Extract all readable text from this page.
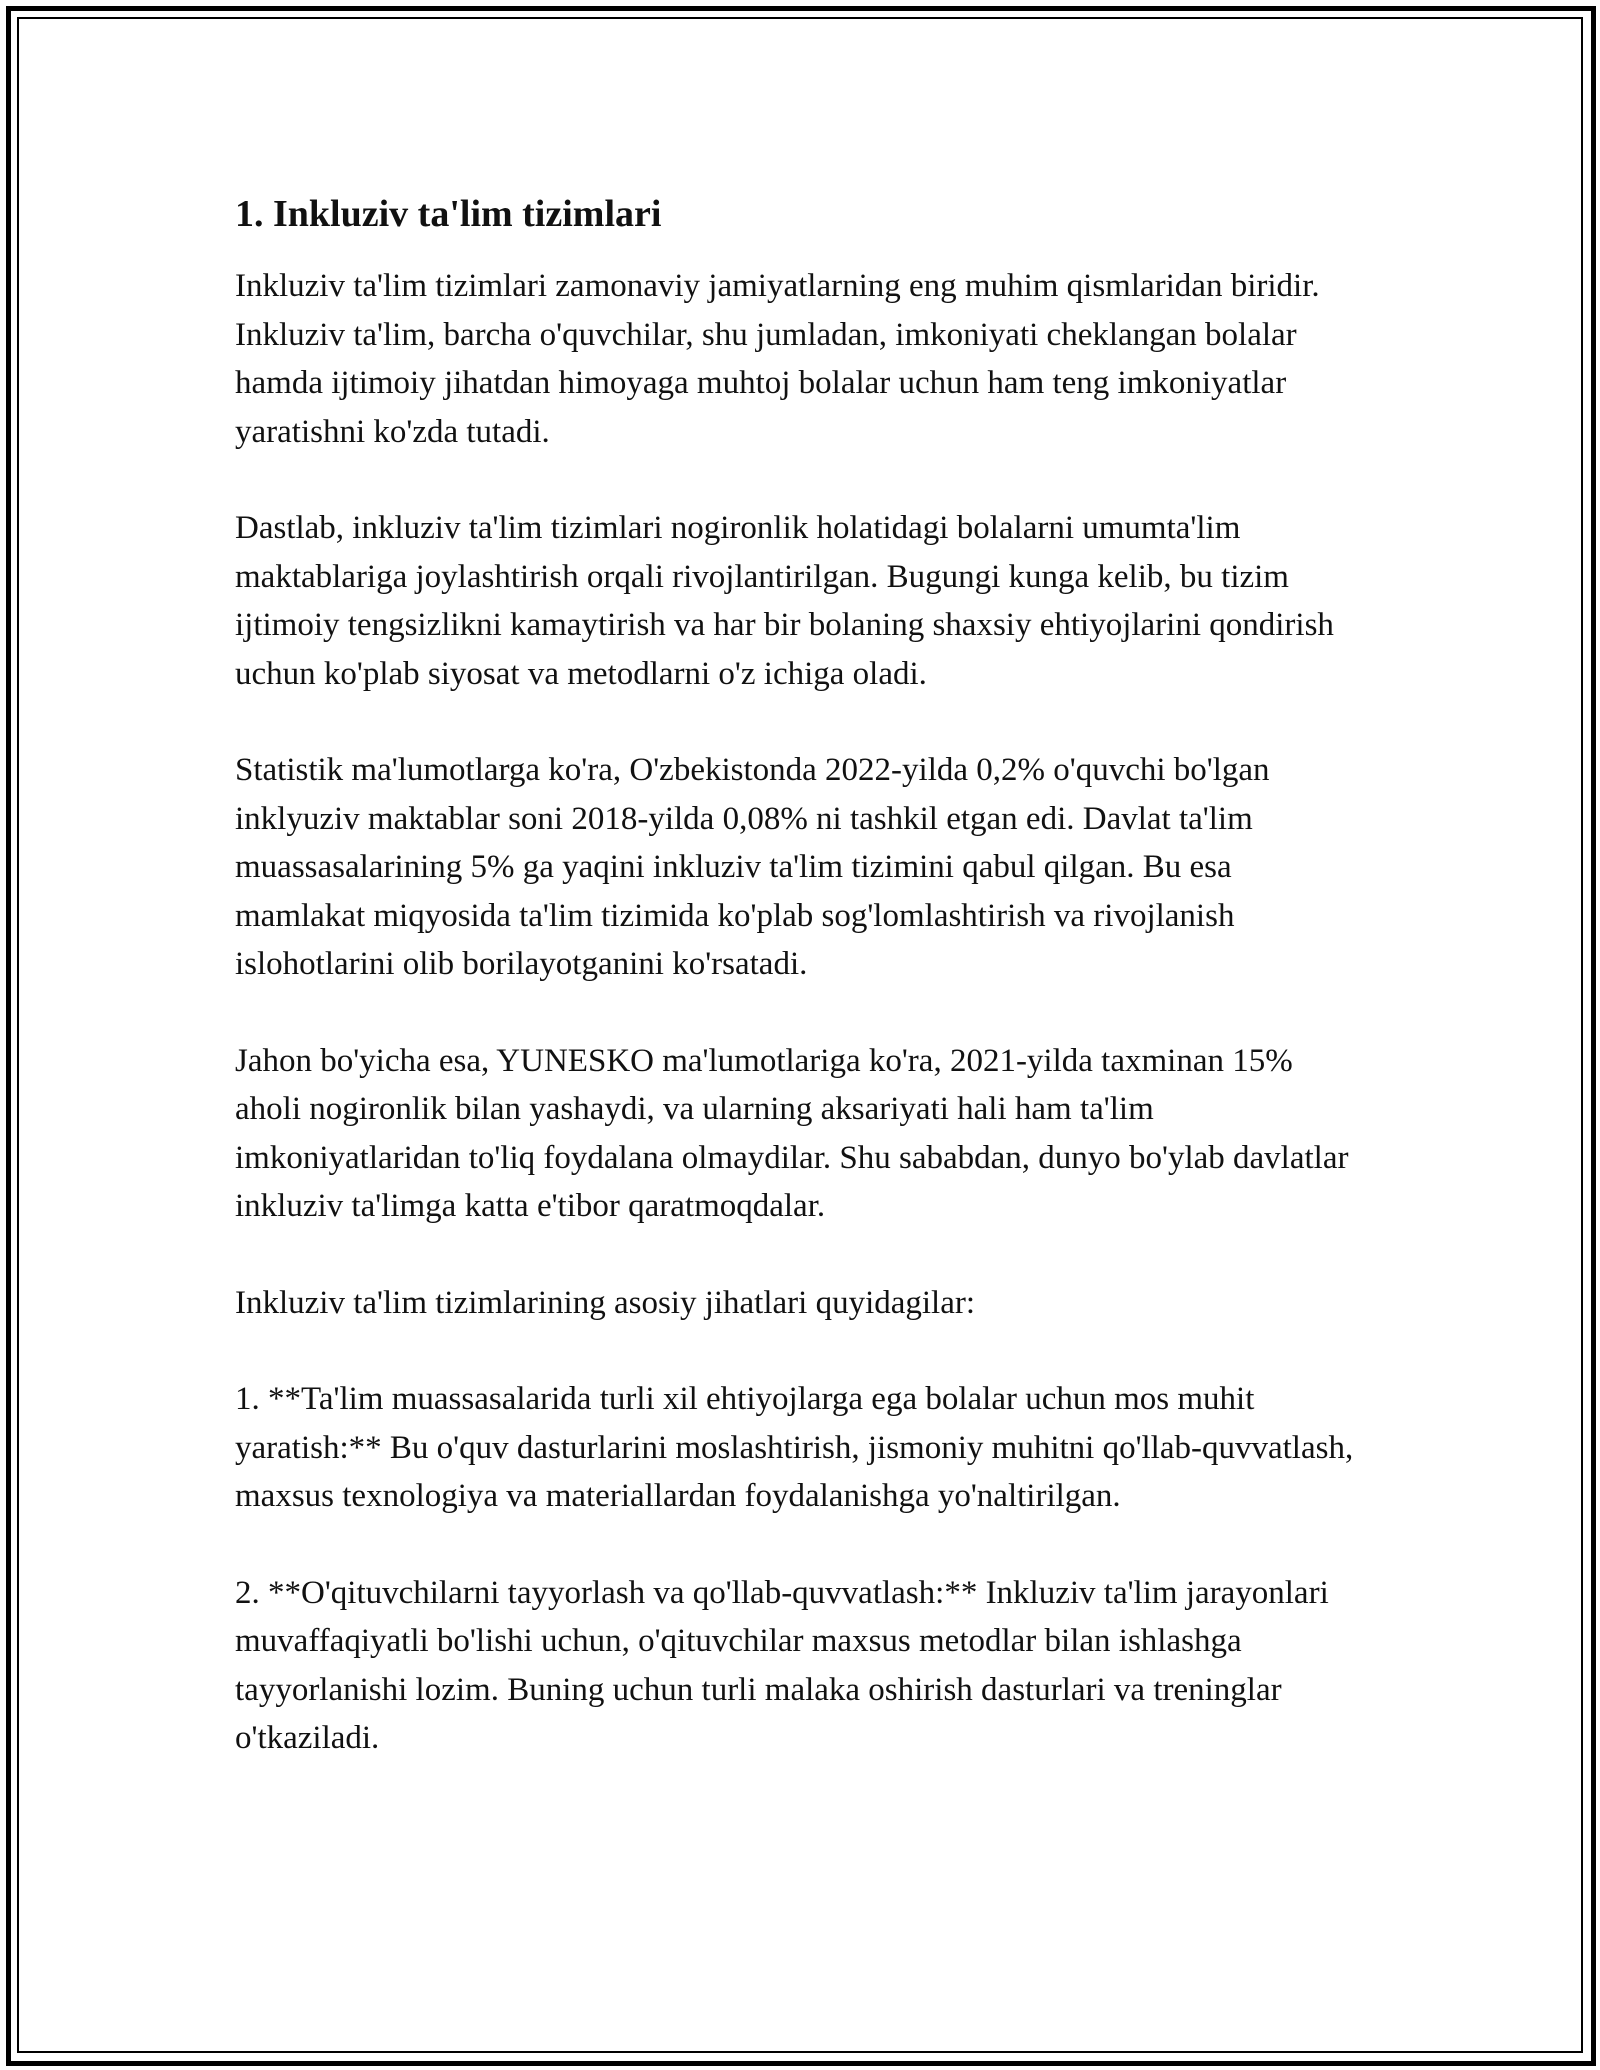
1. Inkluziv ta'lim tizimlari

Inkluziv ta'lim tizimlari zamonaviy jamiyatlarning eng muhim qismlaridan biridir. Inkluziv ta'lim, barcha o'quvchilar, shu jumladan, imkoniyati cheklangan bolalar hamda ijtimoiy jihatdan himoyaga muhtoj bolalar uchun ham teng imkoniyatlar yaratishni ko'zda tutadi.

Dastlab, inkluziv ta'lim tizimlari nogironlik holatidagi bolalarni umumta'lim maktablariga joylashtirish orqali rivojlantirilgan. Bugungi kunga kelib, bu tizim ijtimoiy tengsizlikni kamaytirish va har bir bolaning shaxsiy ehtiyojlarini qondirish uchun ko'plab siyosat va metodlarni o'z ichiga oladi.

Statistik ma'lumotlarga ko'ra, O'zbekistonda 2022-yilda 0,2% o'quvchi bo'lgan inklyuziv maktablar soni 2018-yilda 0,08% ni tashkil etgan edi. Davlat ta'lim muassasalarining 5% ga yaqini inkluziv ta'lim tizimini qabul qilgan. Bu esa mamlakat miqyosida ta'lim tizimida ko'plab sog'lomlashtirish va rivojlanish islohotlarini olib borilayotganini ko'rsatadi.

Jahon bo'yicha esa, YUNESKO ma'lumotlariga ko'ra, 2021-yilda taxminan 15% aholi nogironlik bilan yashaydi, va ularning aksariyati hali ham ta'lim imkoniyatlaridan to'liq foydalana olmaydilar. Shu sababdan, dunyo bo'ylab davlatlar inkluziv ta'limga katta e'tibor qaratmoqdalar.

Inkluziv ta'lim tizimlarining asosiy jihatlari quyidagilar:

1. **Ta'lim muassasalarida turli xil ehtiyojlarga ega bolalar uchun mos muhit yaratish:** Bu o'quv dasturlarini moslashtirish, jismoniy muhitni qo'llab-quvvatlash, maxsus texnologiya va materiallardan foydalanishga yo'naltirilgan.

2. **O'qituvchilarni tayyorlash va qo'llab-quvvatlash:** Inkluziv ta'lim jarayonlari muvaffaqiyatli bo'lishi uchun, o'qituvchilar maxsus metodlar bilan ishlashga tayyorlanishi lozim. Buning uchun turli malaka oshirish dasturlari va treninglar o'tkaziladi.
